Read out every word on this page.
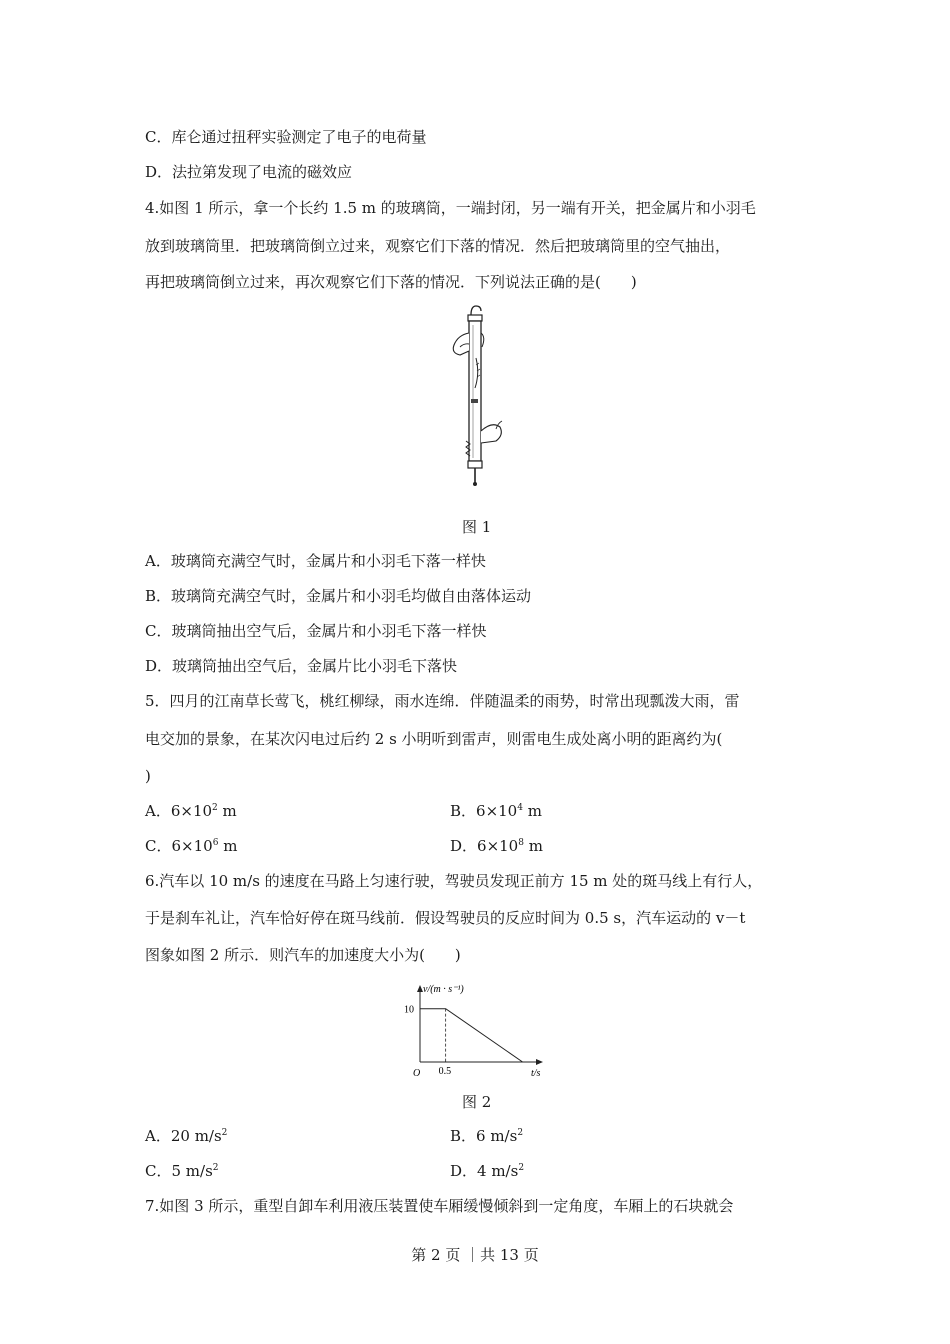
C．库仑通过扭秤实验测定了电子的电荷量
D．法拉第发现了电流的磁效应
4.如图 1 所示，拿一个长约 1.5 m 的玻璃筒，一端封闭，另一端有开关，把金属片和小羽毛
放到玻璃筒里．把玻璃筒倒立过来，观察它们下落的情况．然后把玻璃筒里的空气抽出，
再把玻璃筒倒立过来，再次观察它们下落的情况．下列说法正确的是(　　)
图 1
A．玻璃筒充满空气时，金属片和小羽毛下落一样快
B．玻璃筒充满空气时，金属片和小羽毛均做自由落体运动
C．玻璃筒抽出空气后，金属片和小羽毛下落一样快
D．玻璃筒抽出空气后，金属片比小羽毛下落快
5．四月的江南草长莺飞，桃红柳绿，雨水连绵．伴随温柔的雨势，时常出现瓢泼大雨，雷
电交加的景象，在某次闪电过后约 2 s 小明听到雷声，则雷电生成处离小明的距离约为(
)
A．$6\times 10^2$ m	B．$6\times 10^4$ m
C．$6\times 10^6$ m	D．$6\times 10^8$ m
6.汽车以 10 m/s 的速度在马路上匀速行驶，驾驶员发现正前方 15 m 处的斑马线上有行人，
于是刹车礼让，汽车恰好停在斑马线前．假设驾驶员的反应时间为 0.5 s，汽车运动的 v－t
图象如图 2 所示．则汽车的加速度大小为(　　)
v/(m · s⁻¹)
t/s
O
10
0.5
图 2
A．20 $m/s^2$	B．6 $m/s^2$
C．5 $m/s^2$	D．4 $m/s^2$
7.如图 3 所示，重型自卸车利用液压装置使车厢缓慢倾斜到一定角度，车厢上的石块就会
第 2 页 ｜共 13 页
